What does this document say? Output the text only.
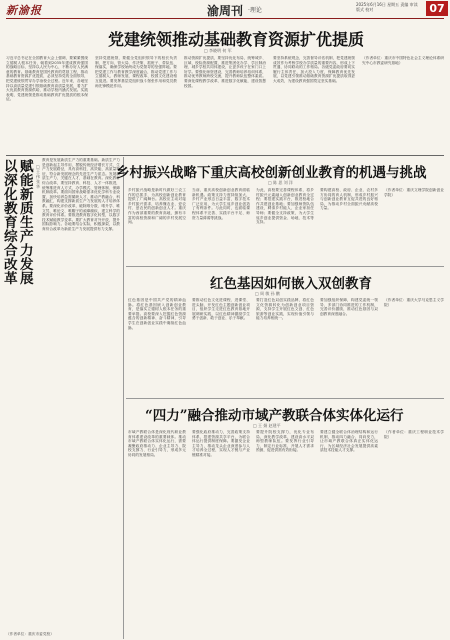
新渝报	渝周刊 ·理论
2025年6月16日 星期五 责编 审读 版式 校对	07
党建统领推动基础教育资源扩优提质
□ 李晓明 何 军
习近平总书记在全国教育大会上强调，要紧紧围绕立德树人根本任务，朝着到2035年建成教育强国的战略目标，坚持以人民为中心，不断办好人民满意的教育。基础教育是国民教育的奠基工程，推动基础教育资源扩优提质，必须坚持党的全面领导，把党建统领贯穿办学治校全过程。近年来，各地坚持以高质量党建引领基础教育高质量发展，着力扩大优质教育资源供给，推动学校内涵式发展。实践表明，党建统领是推动基础教育扩优提质的根本保证。
坚持党建统领，要健全党组织领导下的校长负责制，把方向、管大局、作决策、抓班子、带队伍、保落实，确保学校始终成为党领导的坚强阵地。要把党建工作与教育教学深度融合，推动党建工作与立德树人、教师发展、课程改革、校园文化建设相互促进。要发挥基层党组织战斗堡垒作用和党员教师先锋模范作用。
推动资源扩优提质，要坚持优化布局，统筹城乡、区域、校际资源配置，推进集团化办学、学区制治理、城乡学校共同体建设，让更多孩子在家门口上好学。要强化师资建设，完善教师培养培训体系，推动优秀教师跨校交流，提升教师队伍整体素质。要深化课程教学改革，推进数字化赋能，建设智慧校园。
要坚持系统观念，完善督导评估机制，把党建统领成效作为考核学校办学质量的重要内容，形成上下贯通、协同联动的工作格局。各级党委政府要切实履行主体责任，加大投入力度，保障教育优先发展，以党建引领推动基础教育资源扩优提质取得更大成效，为建设教育强国奠定坚实基础。
（作者单位：重庆市中国特色社会主义理论体系研究中心市教委研究基地）
以深化教育综合改革
赋能新质生产力发展
□ 王 伟 张 华
教育是发展新质生产力的重要基础。新质生产力是创新起主导作用，摆脱传统经济增长方式、生产力发展路径，具有高科技、高效能、高质量特征，符合新发展理念的先进生产力质态。发展新质生产力，关键在人才，基础在教育。深化教育综合改革，要坚持教育、科技、人才一体推进，统筹推进育人方式、办学模式、管理体制、保障机制改革。要面向国家战略需求优化学科专业设置，加快培养急需紧缺人才，推动产教融合、科教融汇，构建支撑新质生产力发展的人才培养体系。要深化评价改革，破除唯分数、唯升学、唯文凭、唯论文、唯帽子的顽瘴痼疾，建立科学的教育评价体系。要推进教育数字化转型，以数字技术赋能教学变革。要扩大教育对外开放，提升国际影响力。各地要结合实际，积极探索，以教育综合改革为新质生产力发展提供有力支撑。
（作者单位：重庆市委党校）
乡村振兴战略下重庆高校创新创业教育的机遇与挑战
□ 陈 思 刘 洋
乡村振兴战略是新时代做好三农工作的总抓手，为高校创新创业教育提供了广阔舞台。高校应主动对接乡村振兴需求，培养懂农业、爱农村、爱农民的创新创业人才。重庆作为西部重要的教育高地，拥有丰富的高校资源和广阔的乡村发展空间。
当前，重庆高校创新创业教育面临新机遇。政策支持力度持续加大，乡村产业形态日益丰富，数字技术广泛应用，为大学生返乡创业创造了有利条件。与此同时，也面临课程体系不完善、实践平台不足、师资力量薄弱等挑战。
为此，高校要完善课程体系，将乡村振兴元素融入创新创业教育全过程；要搭建实践平台，推进校地合作共建创业基地；要加强师资队伍建设，聘请乡村能人、企业家担任导师；要健全支持政策，为大学生返乡创业提供资金、场地、技术等支持。
要构建高校、政府、企业、农村多方协同的育人机制，形成乡村振兴与创新创业教育互促共进的良好格局，为推动乡村全面振兴贡献高校力量。
（作者单位：重庆文理学院创新创业学院）
红色基因如何嵌入双创教育
□ 周 敏 孙 鹏
红色基因是中国共产党的精神血脉。将红色基因嵌入创新创业教育，是落实立德树人根本任务的重要举措。高校要深入挖掘红色资源蕴含的创新精神、奋斗精神，引导学生在创新创业实践中赓续红色血脉。
要推动红色文化进课程、进课堂、进头脑，开发红色主题创新创业项目，组织学生走进红色教育基地开展调研实践，以红色精神激励学生勇于创新、敢于创业、乐于奉献。
要打造红色双创实践品牌，将红色文化资源转化为创新创业项目资源，支持学生开展红色文创、红色旅游等创业实践，实现价值引领与能力培养相统一。
要加强组织保障，构建党委统一领导、多部门协同推进的工作机制，完善评价激励，推动红色基因与双创教育深度融合。
（作者单位：重庆大学马克思主义学院）
“四力”融合推动市域产教联合体实体化运行
□ 王 娟 赵建平
市域产教联合体是深化现代职业教育体系建设改革的重要载体。推动市域产教联合体实体化运行，需要凝聚政府推动力、企业主导力、院校支撑力、行业引导力，形成多元协同的发展格局。
要强化政府推动力，完善政策支持体系，搭建资源共享平台，为联合体运行提供制度保障。要激发企业主导力，推动龙头企业深度参与人才培养全过程，实现人才链与产业链精准对接。
要提升院校支撑力，优化专业布局，深化教学改革，建设高水平双师型教师队伍。要发挥行业引导力，制定行业标准，开展人才需求预测，促进供需有效衔接。
要建立健全联合体治理结构和运行机制，推动四力融合、同向发力，让市域产教联合体真正实体化运行，为区域经济社会发展提供高素质技术技能人才支撑。
（作者单位：重庆工程职业技术学院）
